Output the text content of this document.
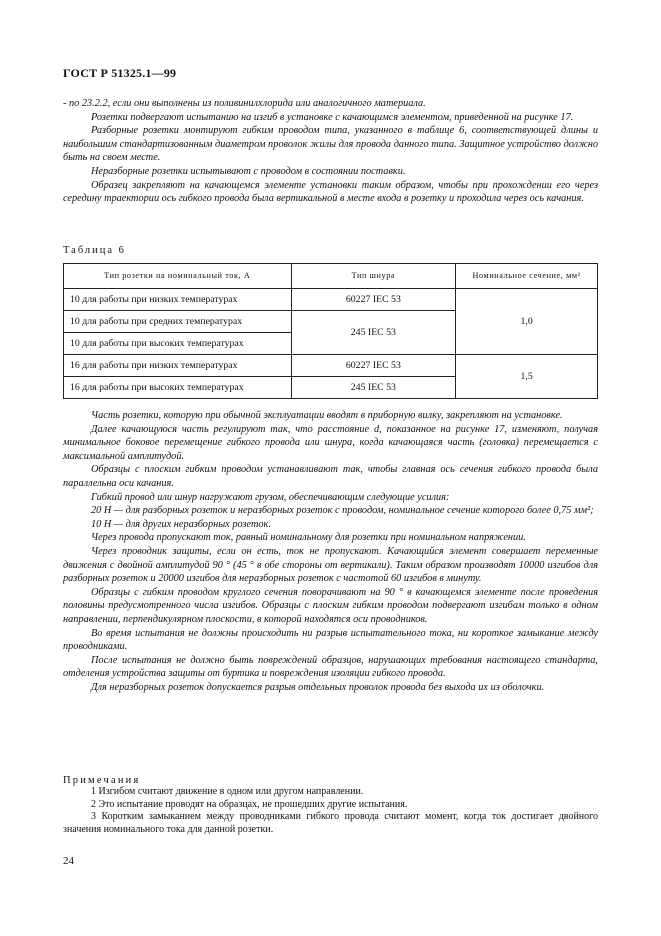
ГОСТ Р 51325.1—99

- по 23.2.2, если они выполнены из поливинилхлорида или аналогичного материала.

Розетки подвергают испытанию на изгиб в установке с качающимся элементом, приведенной на рисунке 17.

Разборные розетки монтируют гибким проводом типа, указанного в таблице 6, соответствующей длины и наибольшим стандартизованным диаметром проволок жилы для провода данного типа. Защитное устройство должно быть на своем месте.

Неразборные розетки испытывают с проводом в состоянии поставки.

Образец закрепляют на качающемся элементе установки таким образом, чтобы при прохождении его через середину траектории ось гибкого провода была вертикальной в месте входа в розетку и проходила через ось качания.

Таблица 6
Тип розетки на номинальный ток, А	Тип шнура	Номинальное сечение, мм²
10 для работы при низких температурах	60227 IEC 53	1,0
10 для работы при средних температурах	245 IEC 53	
10 для работы при высоких температурах		
16 для работы при низких температурах	60227 IEC 53	1,5
16 для работы при высоких температурах	245 IEC 53	

Часть розетки, которую при обычной эксплуатации вводят в приборную вилку, закрепляют на установке.

Далее качающуюся часть регулируют так, что расстояние d, показанное на рисунке 17, изменяют, получая минимальное боковое перемещение гибкого провода или шнура, когда качающаяся часть (головка) перемещается с максимальной амплитудой.

Образцы с плоским гибким проводом устанавливают так, чтобы главная ось сечения гибкого провода была параллельна оси качания.

Гибкий провод или шнур нагружают грузом, обеспечивающим следующие усилия:

20 Н — для разборных розеток и неразборных розеток с проводом, номинальное сечение которого более 0,75 мм²;

10 Н — для других неразборных розеток.

Через провода пропускают ток, равный номинальному для розетки при номинальном напряжении.

Через проводник защиты, если он есть, ток не пропускают. Качающийся элемент совершает переменные движения с двойной амплитудой 90 ° (45 ° в обе стороны от вертикали). Таким образом производят 10000 изгибов для разборных розеток и 20000 изгибов для неразборных розеток с частотой 60 изгибов в минуту.

Образцы с гибким проводом круглого сечения поворачивают на 90 ° в качающемся элементе после проведения половины предусмотренного числа изгибов. Образцы с плоским гибким проводом подвергают изгибам только в одном направлении, перпендикулярном плоскости, в которой находятся оси проводников.

Во время испытания не должны происходить ни разрыв испытательного тока, ни короткое замыкание между проводниками.

После испытания не должно быть повреждений образцов, нарушающих требования настоящего стандарта, отделения устройства защиты от буртика и повреждения изоляции гибкого провода.

Для неразборных розеток допускается разрыв отдельных проволок провода без выхода их из оболочки.

Примечания

1 Изгибом считают движение в одном или другом направлении.

2 Это испытание проводят на образцах, не прошедших другие испытания.

3 Коротким замыканием между проводниками гибкого провода считают момент, когда ток достигает двойного значения номинального тока для данной розетки.

24
